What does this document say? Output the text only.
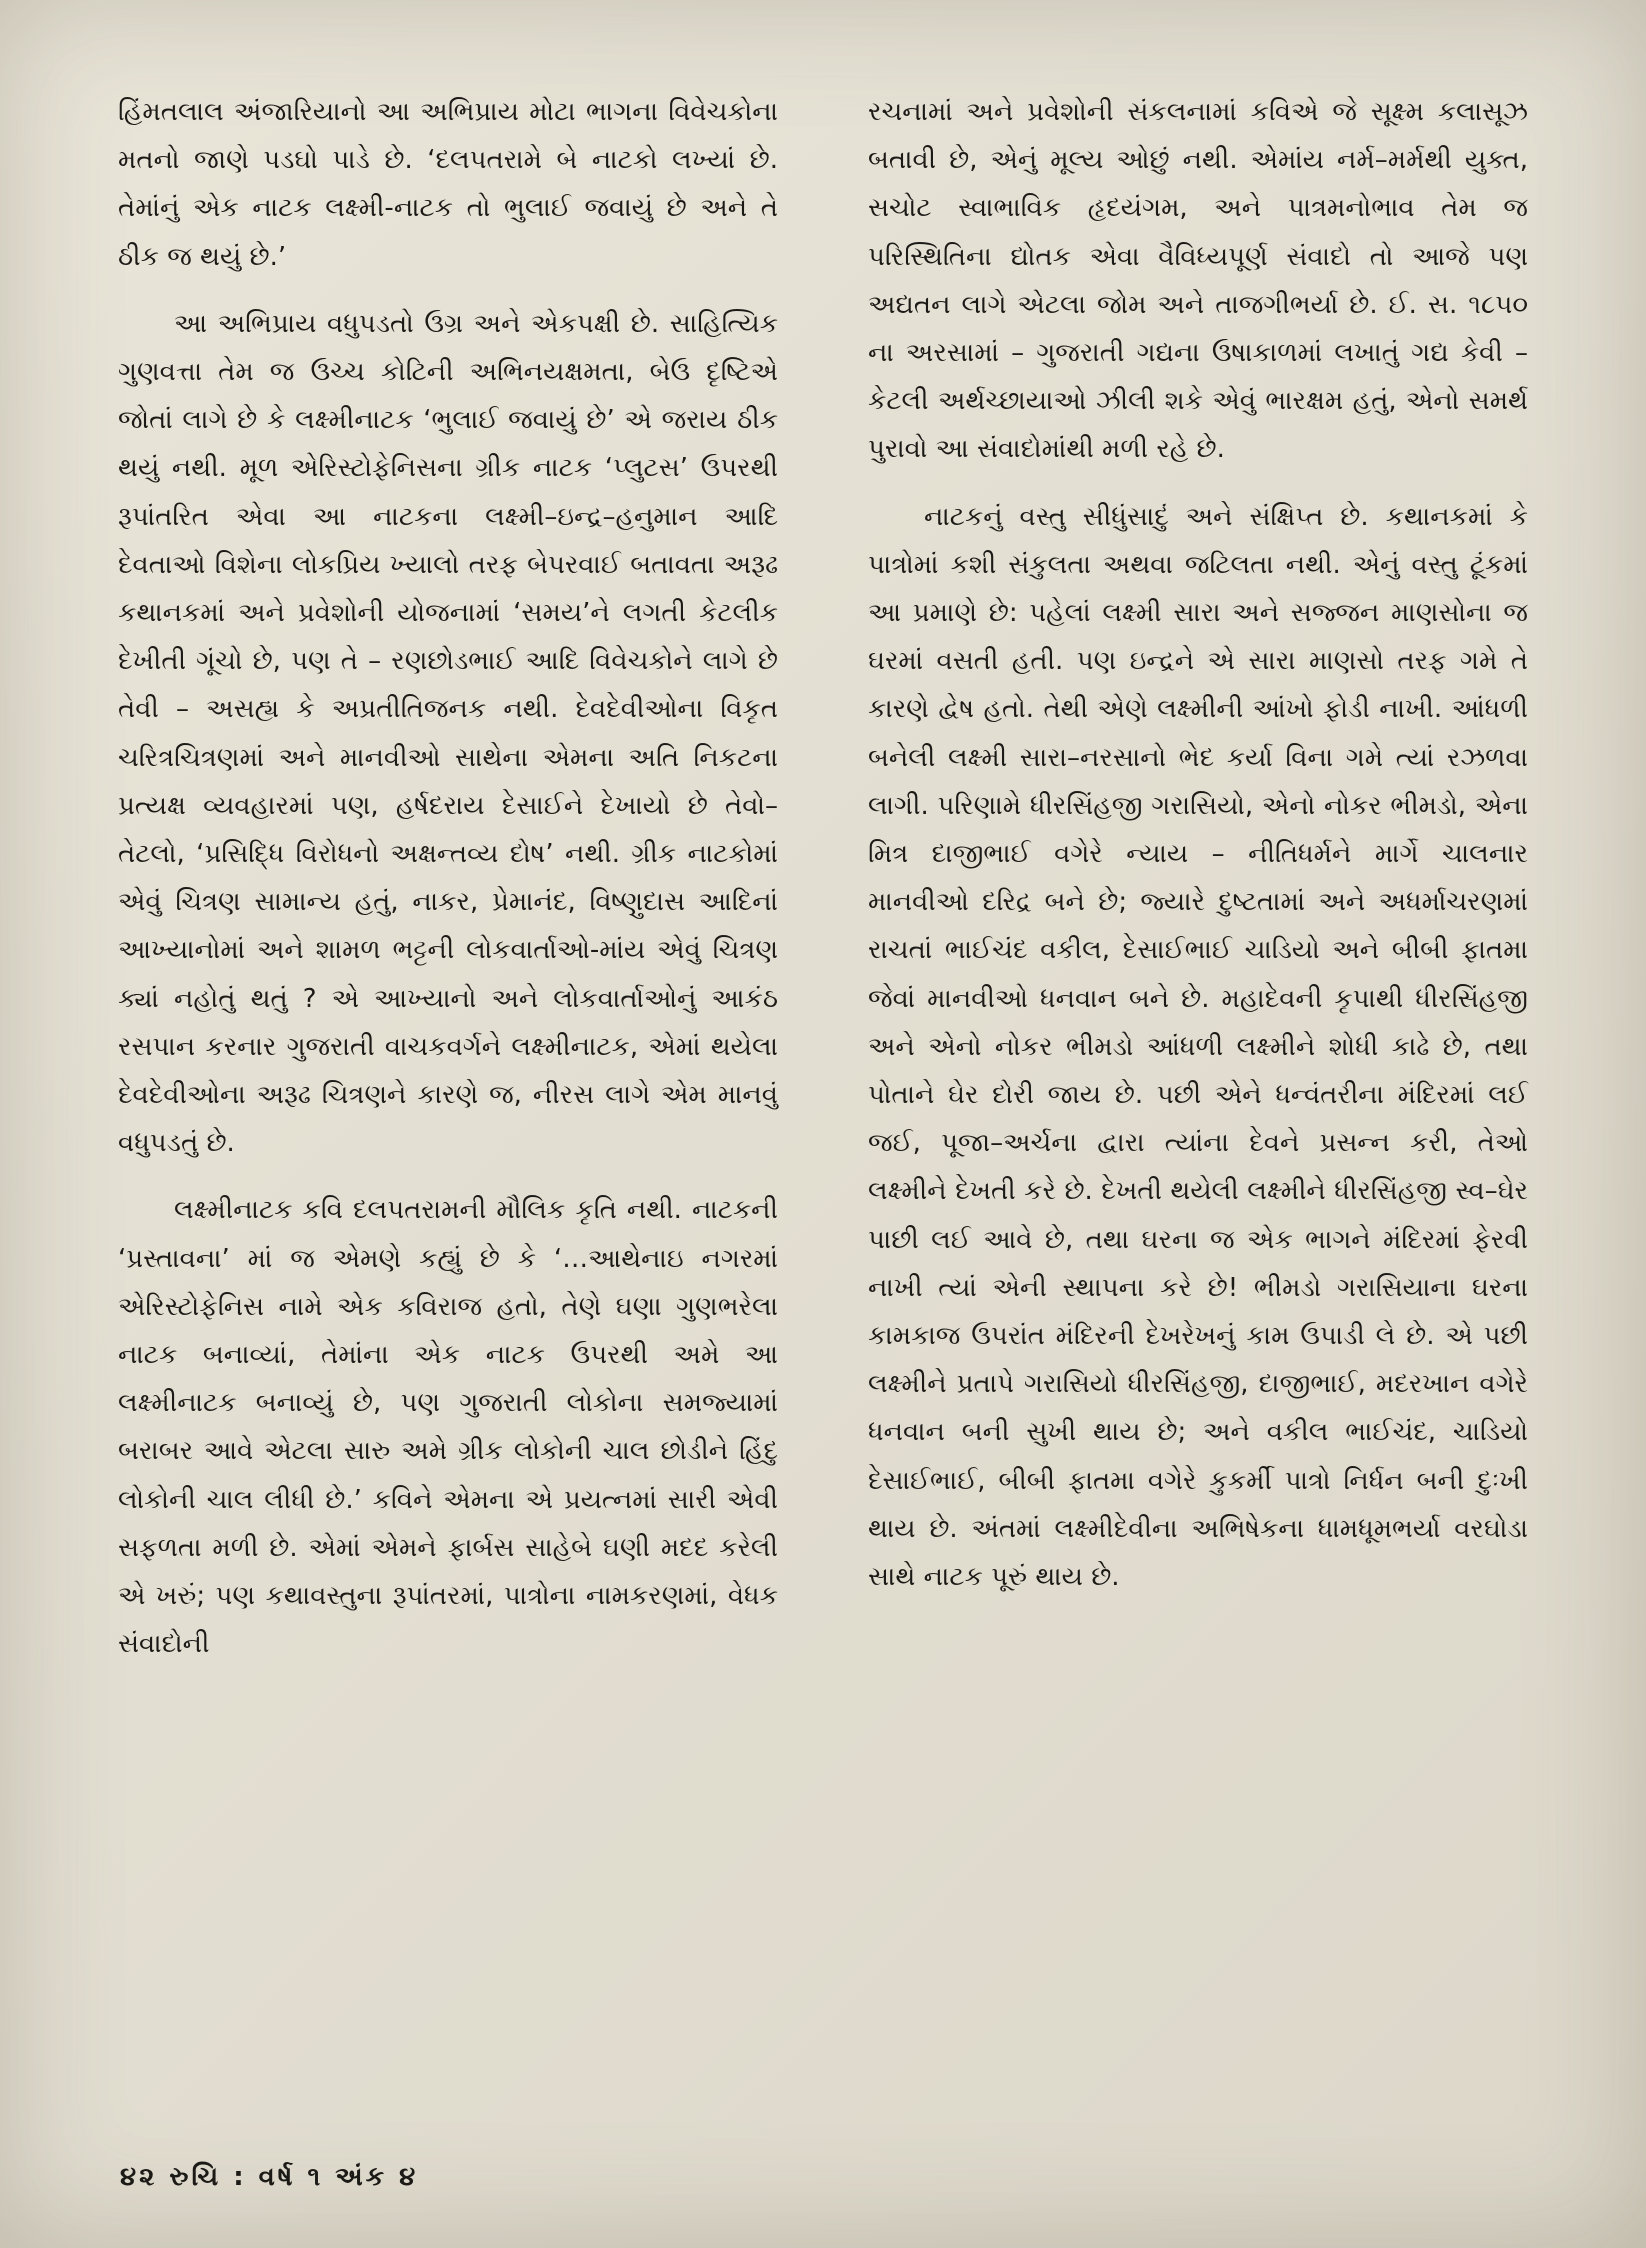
હિંમતલાલ અંજારિયાનો આ અભિપ્રાય મોટા ભાગના વિવેચકોના મતનો જાણે પડઘો પાડે છે. ‘દલપતરામે બે નાટકો લખ્યાં છે. તેમાંનું એક નાટક લક્ષ્મી-નાટક તો ભુલાઈ જવાયું છે અને તે ઠીક જ થયું છે.’

આ અભિપ્રાય વધુપડતો ઉગ્ર અને એકપક્ષી છે. સાહિત્યિક ગુણવત્તા તેમ જ ઉચ્ચ કોટિની અભિનયક્ષમતા, બેઉ દૃષ્ટિએ જોતાં લાગે છે કે લક્ષ્મીનાટક ‘ભુલાઈ જવાયું છે’ એ જરાય ઠીક થયું નથી. મૂળ એરિસ્ટોફેનિસના ગ્રીક નાટક ‘પ્લુટસ’ ઉપરથી રૂપાંતરિત એવા આ નાટકના લક્ષ્મી–ઇન્દ્ર–હનુમાન આદિ દેવતાઓ વિશેના લોકપ્રિય ખ્યાલો તરફ બેપરવાઈ બતાવતા અરૂઢ કથાનકમાં અને પ્રવેશોની યોજનામાં ‘સમય’ને લગતી કેટલીક દેખીતી ગૂંચો છે, પણ તે – રણછોડભાઈ આદિ વિવેચકોને લાગે છે તેવી – અસહ્ય કે અપ્રતીતિજનક નથી. દેવદેવીઓના વિકૃત ચરિત્રચિત્રણમાં અને માનવીઓ સાથેના એમના અતિ નિકટના પ્રત્યક્ષ વ્યવહારમાં પણ, હર્ષદરાય દેસાઈને દેખાયો છે તેવો–તેટલો, ‘પ્રસિદ્ધિ વિરોધનો અક્ષન્તવ્ય દોષ’ નથી. ગ્રીક નાટકોમાં એવું ચિત્રણ સામાન્ય હતું, નાકર, પ્રેમાનંદ, વિષ્ણુદાસ આદિનાં આખ્યાનોમાં અને શામળ ભટ્ટની લોકવાર્તાઓ-માંય એવું ચિત્રણ ક્યાં નહોતું થતું ? એ આખ્યાનો અને લોકવાર્તાઓનું આકંઠ રસપાન કરનાર ગુજરાતી વાચકવર્ગને લક્ષ્મીનાટક, એમાં થયેલા દેવદેવીઓના અરૂઢ ચિત્રણને કારણે જ, નીરસ લાગે એમ માનવું વધુપડતું છે.

લક્ષ્મીનાટક કવિ દલપતરામની મૌલિક કૃતિ નથી. નાટકની ‘પ્રસ્તાવના’ માં જ એમણે કહ્યું છે કે ‘…આથેનાઇ નગરમાં એરિસ્ટોફેનિસ નામે એક કવિરાજ હતો, તેણે ઘણા ગુણભરેલા નાટક બનાવ્યાં, તેમાંના એક નાટક ઉપરથી અમે આ લક્ષ્મીનાટક બનાવ્યું છે, પણ ગુજરાતી લોકોના સમજ્યામાં બરાબર આવે એટલા સારુ અમે ગ્રીક લોકોની ચાલ છોડીને હિંદુ લોકોની ચાલ લીધી છે.’ કવિને એમના એ પ્રયત્નમાં સારી એવી સફળતા મળી છે. એમાં એમને ફાર્બસ સાહેબે ઘણી મદદ કરેલી એ ખરું; પણ કથાવસ્તુના રૂપાંતરમાં, પાત્રોના નામકરણમાં, વેધક સંવાદોની

રચનામાં અને પ્રવેશોની સંકલનામાં કવિએ જે સૂક્ષ્મ કલાસૂઝ બતાવી છે, એનું મૂલ્ય ઓછું નથી. એમાંય નર્મ–મર્મથી યુક્ત, સચોટ સ્વાભાવિક હૃદયંગમ, અને પાત્રમનોભાવ તેમ જ પરિસ્થિતિના દ્યોતક એવા વૈવિધ્યપૂર્ણ સંવાદો તો આજે પણ અદ્યતન લાગે એટલા જોમ અને તાજગીભર્યા છે. ઈ. સ. ૧૮૫૦ ના અરસામાં – ગુજરાતી ગદ્યના ઉષાકાળમાં લખાતું ગદ્ય કેવી – કેટલી અર્થચ્છાયાઓ ઝીલી શકે એવું ભારક્ષમ હતું, એનો સમર્થ પુરાવો આ સંવાદોમાંથી મળી રહે છે.

નાટકનું વસ્તુ સીધુંસાદું અને સંક્ષિપ્ત છે. કથાનકમાં કે પાત્રોમાં કશી સંકુલતા અથવા જટિલતા નથી. એનું વસ્તુ ટૂંકમાં આ પ્રમાણે છે: પહેલાં લક્ષ્મી સારા અને સજ્જન માણસોના જ ઘરમાં વસતી હતી. પણ ઇન્દ્રને એ સારા માણસો તરફ ગમે તે કારણે દ્વેષ હતો. તેથી એણે લક્ષ્મીની આંખો ફોડી નાખી. આંધળી બનેલી લક્ષ્મી સારા–નરસાનો ભેદ કર્યા વિના ગમે ત્યાં રઝળવા લાગી. પરિણામે ધીરસિંહજી ગરાસિયો, એનો નોકર ભીમડો, એના મિત્ર દાજીભાઈ વગેરે ન્યાય – નીતિધર્મને માર્ગે ચાલનાર માનવીઓ દરિદ્ર બને છે; જ્યારે દુષ્ટતામાં અને અધર્માચરણમાં રાચતાં ભાઈચંદ વકીલ, દેસાઈભાઈ ચાડિયો અને બીબી ફાતમા જેવાં માનવીઓ ધનવાન બને છે. મહાદેવની કૃપાથી ધીરસિંહજી અને એનો નોકર ભીમડો આંધળી લક્ષ્મીને શોધી કાઢે છે, તથા પોતાને ઘેર દોરી જાય છે. પછી એને ધન્વંતરીના મંદિરમાં લઈ જઈ, પૂજા–અર્ચના દ્વારા ત્યાંના દેવને પ્રસન્ન કરી, તેઓ લક્ષ્મીને દેખતી કરે છે. દેખતી થયેલી લક્ષ્મીને ધીરસિંહજી સ્વ–ઘેર પાછી લઈ આવે છે, તથા ઘરના જ એક ભાગને મંદિરમાં ફેરવી નાખી ત્યાં એની સ્થાપના કરે છે! ભીમડો ગરાસિયાના ઘરના કામકાજ ઉપરાંત મંદિરની દેખરેખનું કામ ઉપાડી લે છે. એ પછી લક્ષ્મીને પ્રતાપે ગરાસિયો ધીરસિંહજી, દાજીભાઈ, મદરખાન વગેરે ધનવાન બની સુખી થાય છે; અને વકીલ ભાઈચંદ, ચાડિયો દેસાઈભાઈ, બીબી ફાતમા વગેરે કુકર્મી પાત્રો નિર્ધન બની દુઃખી થાય છે. અંતમાં લક્ષ્મીદેવીના અભિષેકના ધામધૂમભર્યા વરઘોડા સાથે નાટક પૂરું થાય છે.

૪૨ રુચિ : વર્ષ ૧ અંક ૪
